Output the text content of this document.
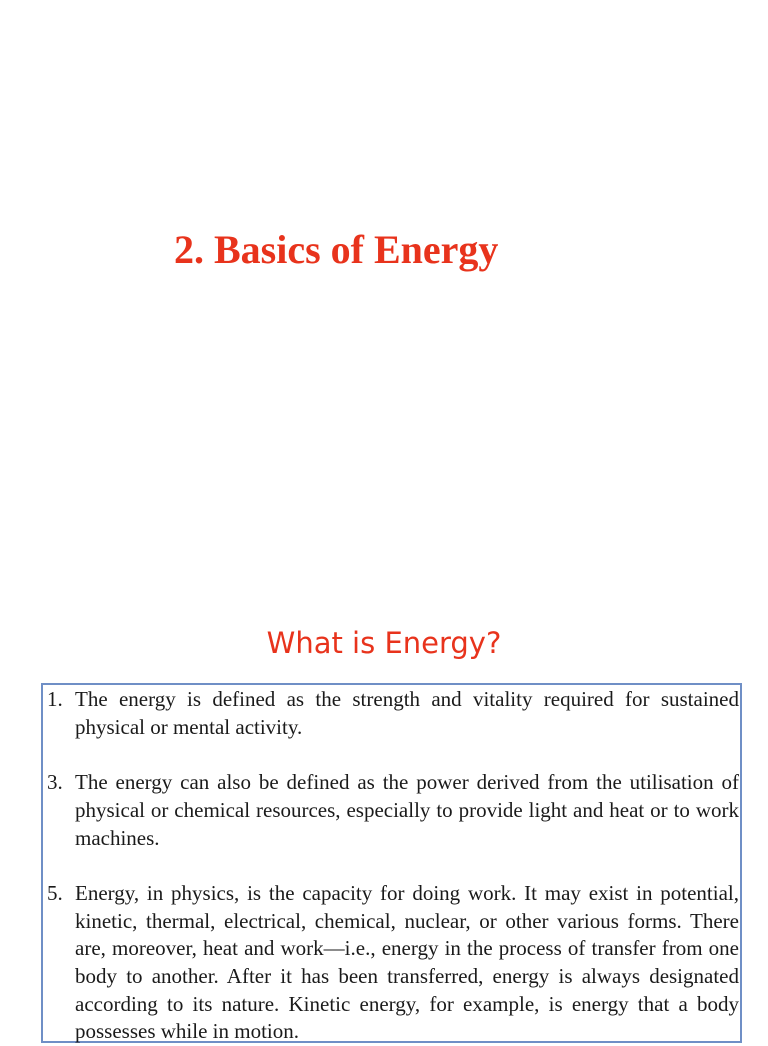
2. Basics of Energy
What is Energy?
1. The energy is defined as the strength and vitality required for sustained physical or mental activity.
3. The energy can also be defined as the power derived from the utilisation of physical or chemical resources, especially to provide light and heat or to work machines.
5. Energy, in physics, is the capacity for doing work. It may exist in potential, kinetic, thermal, electrical, chemical, nuclear, or other various forms. There are, moreover, heat and work—i.e., energy in the process of transfer from one body to another. After it has been transferred, energy is always designated according to its nature. Kinetic energy, for example, is energy that a body possesses while in motion.
